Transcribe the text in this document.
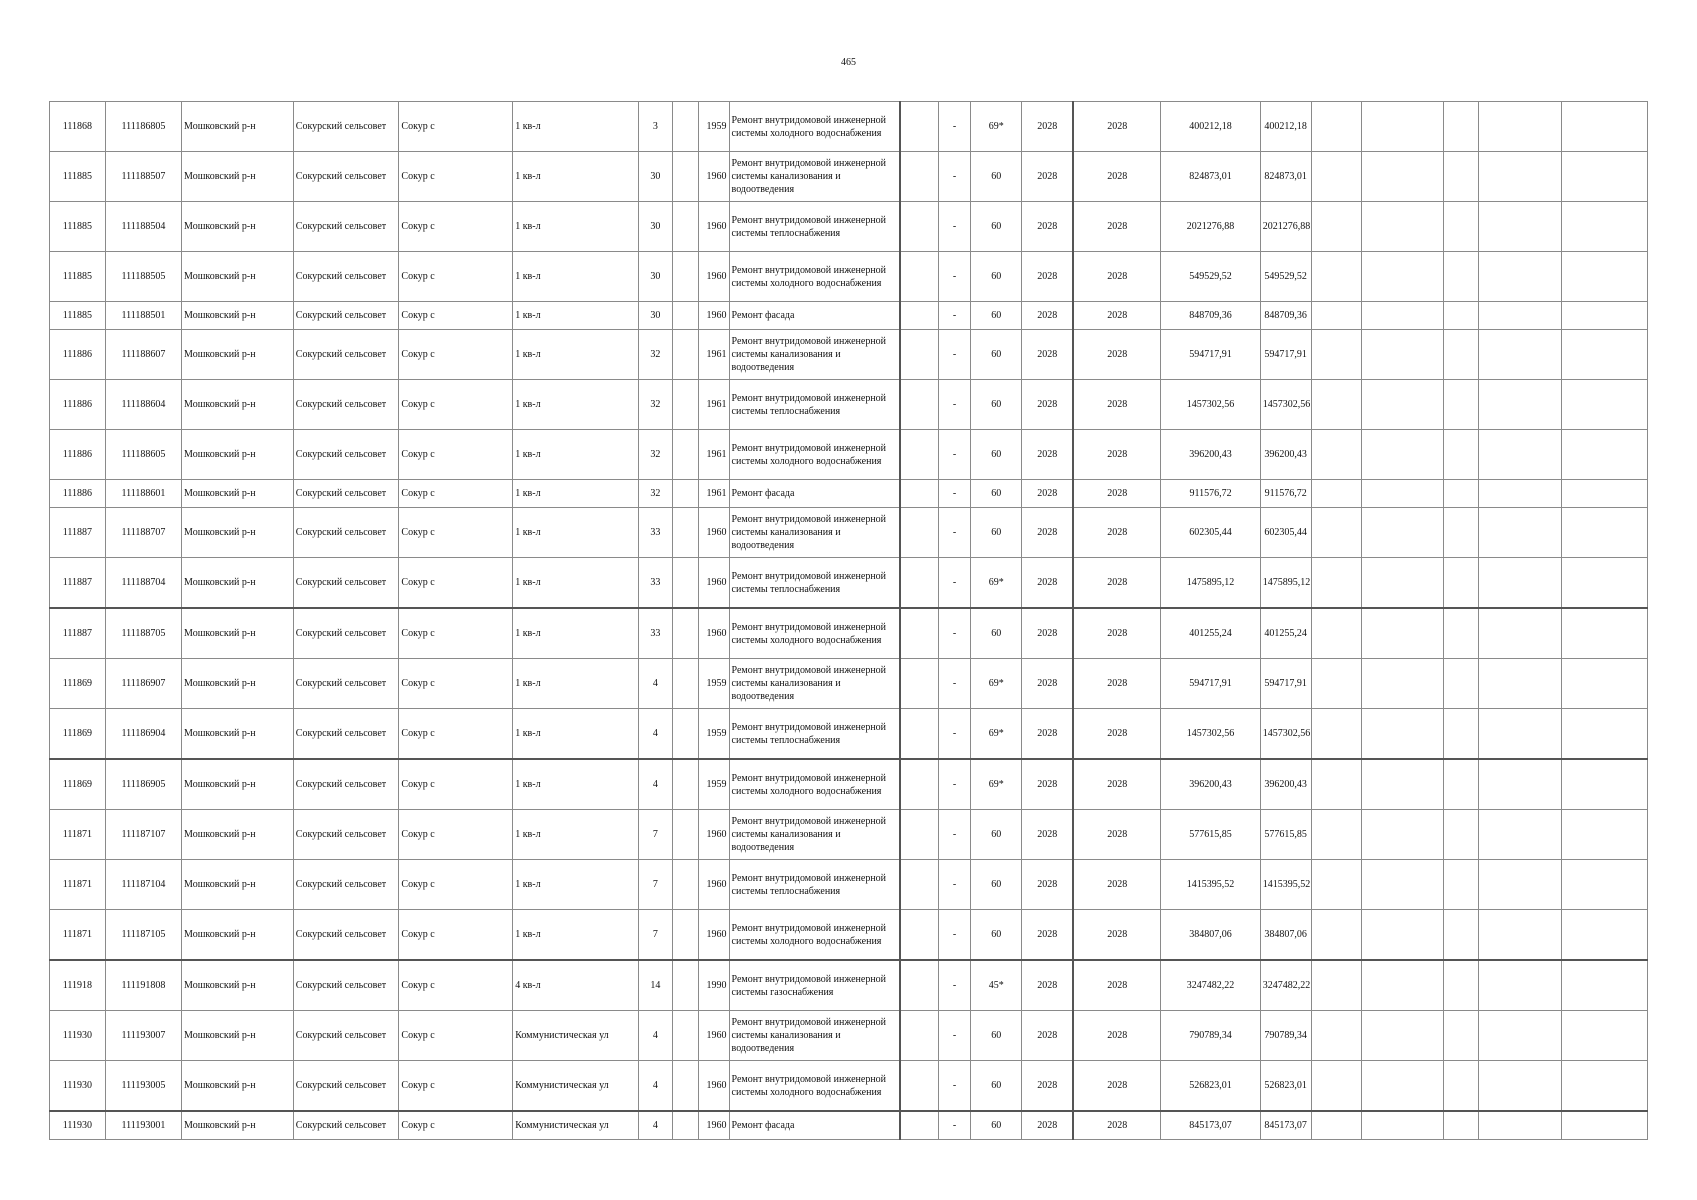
465
111868	111186805	Мошковский р-н	Сокурский сельсовет	Сокур с	1 кв-л	3		1959	Ремонт внутридомовой инженерной системы холодного водоснабжения		-	69*	2028	2028	400212,18	400212,18					
111885	111188507	Мошковский р-н	Сокурский сельсовет	Сокур с	1 кв-л	30		1960	Ремонт внутридомовой инженерной системы канализования и водоотведения		-	60	2028	2028	824873,01	824873,01					
111885	111188504	Мошковский р-н	Сокурский сельсовет	Сокур с	1 кв-л	30		1960	Ремонт внутридомовой инженерной системы теплоснабжения		-	60	2028	2028	2021276,88	2021276,88					
111885	111188505	Мошковский р-н	Сокурский сельсовет	Сокур с	1 кв-л	30		1960	Ремонт внутридомовой инженерной системы холодного водоснабжения		-	60	2028	2028	549529,52	549529,52					
111885	111188501	Мошковский р-н	Сокурский сельсовет	Сокур с	1 кв-л	30		1960	Ремонт фасада		-	60	2028	2028	848709,36	848709,36					
111886	111188607	Мошковский р-н	Сокурский сельсовет	Сокур с	1 кв-л	32		1961	Ремонт внутридомовой инженерной системы канализования и водоотведения		-	60	2028	2028	594717,91	594717,91					
111886	111188604	Мошковский р-н	Сокурский сельсовет	Сокур с	1 кв-л	32		1961	Ремонт внутридомовой инженерной системы теплоснабжения		-	60	2028	2028	1457302,56	1457302,56					
111886	111188605	Мошковский р-н	Сокурский сельсовет	Сокур с	1 кв-л	32		1961	Ремонт внутридомовой инженерной системы холодного водоснабжения		-	60	2028	2028	396200,43	396200,43					
111886	111188601	Мошковский р-н	Сокурский сельсовет	Сокур с	1 кв-л	32		1961	Ремонт фасада		-	60	2028	2028	911576,72	911576,72					
111887	111188707	Мошковский р-н	Сокурский сельсовет	Сокур с	1 кв-л	33		1960	Ремонт внутридомовой инженерной системы канализования и водоотведения		-	60	2028	2028	602305,44	602305,44					
111887	111188704	Мошковский р-н	Сокурский сельсовет	Сокур с	1 кв-л	33		1960	Ремонт внутридомовой инженерной системы теплоснабжения		-	69*	2028	2028	1475895,12	1475895,12					
111887	111188705	Мошковский р-н	Сокурский сельсовет	Сокур с	1 кв-л	33		1960	Ремонт внутридомовой инженерной системы холодного водоснабжения		-	60	2028	2028	401255,24	401255,24					
111869	111186907	Мошковский р-н	Сокурский сельсовет	Сокур с	1 кв-л	4		1959	Ремонт внутридомовой инженерной системы канализования и водоотведения		-	69*	2028	2028	594717,91	594717,91					
111869	111186904	Мошковский р-н	Сокурский сельсовет	Сокур с	1 кв-л	4		1959	Ремонт внутридомовой инженерной системы теплоснабжения		-	69*	2028	2028	1457302,56	1457302,56					
111869	111186905	Мошковский р-н	Сокурский сельсовет	Сокур с	1 кв-л	4		1959	Ремонт внутридомовой инженерной системы холодного водоснабжения		-	69*	2028	2028	396200,43	396200,43					
111871	111187107	Мошковский р-н	Сокурский сельсовет	Сокур с	1 кв-л	7		1960	Ремонт внутридомовой инженерной системы канализования и водоотведения		-	60	2028	2028	577615,85	577615,85					
111871	111187104	Мошковский р-н	Сокурский сельсовет	Сокур с	1 кв-л	7		1960	Ремонт внутридомовой инженерной системы теплоснабжения		-	60	2028	2028	1415395,52	1415395,52					
111871	111187105	Мошковский р-н	Сокурский сельсовет	Сокур с	1 кв-л	7		1960	Ремонт внутридомовой инженерной системы холодного водоснабжения		-	60	2028	2028	384807,06	384807,06					
111918	111191808	Мошковский р-н	Сокурский сельсовет	Сокур с	4 кв-л	14		1990	Ремонт внутридомовой инженерной системы газоснабжения		-	45*	2028	2028	3247482,22	3247482,22					
111930	111193007	Мошковский р-н	Сокурский сельсовет	Сокур с	Коммунистическая ул	4		1960	Ремонт внутридомовой инженерной системы канализования и водоотведения		-	60	2028	2028	790789,34	790789,34					
111930	111193005	Мошковский р-н	Сокурский сельсовет	Сокур с	Коммунистическая ул	4		1960	Ремонт внутридомовой инженерной системы холодного водоснабжения		-	60	2028	2028	526823,01	526823,01					
111930	111193001	Мошковский р-н	Сокурский сельсовет	Сокур с	Коммунистическая ул	4		1960	Ремонт фасада		-	60	2028	2028	845173,07	845173,07					
